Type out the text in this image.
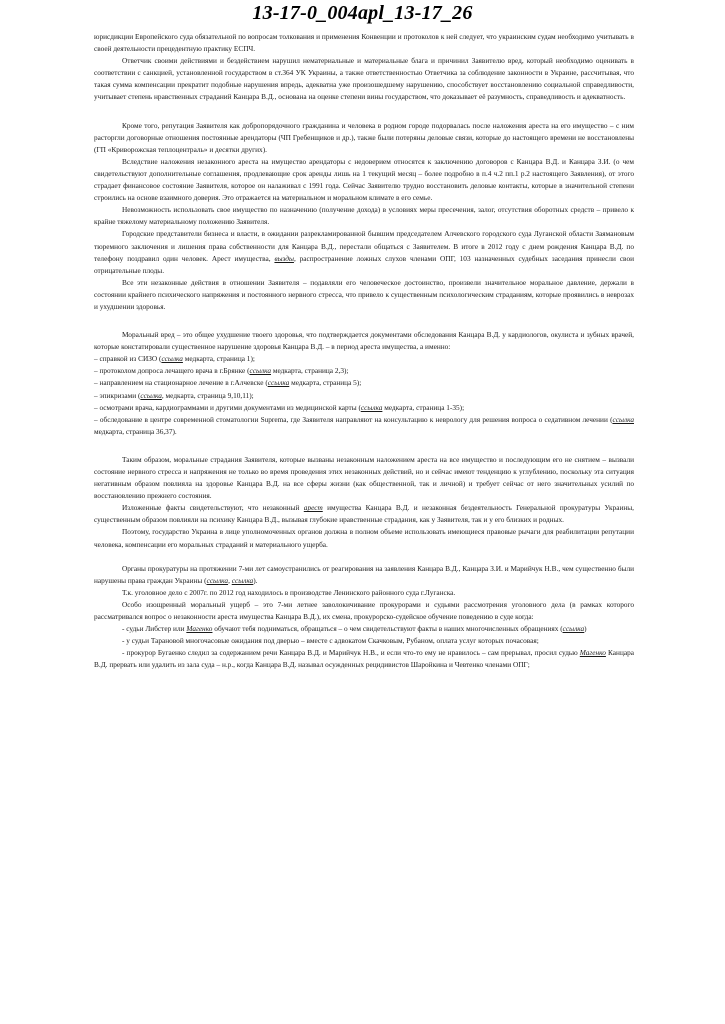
13-17-0_004apl_13-17_26

юрисдикции Европейского суда обязательной по вопросам толкования и применения Конвенции и протоколов к ней следует, что украинским судам необходимо учитывать в своей деятельности прецедентную практику ЕСПЧ.

Ответчик своими действиями и бездействием нарушил нематериальные и материальные блага и причинил Заявителю вред, который необходимо оценивать в соответствии с санкцией, установленной государством в ст.364 УК Украины, а также ответственностью Ответчика за соблюдение законности в Украине, рассчитывая, что такая сумма компенсации прекратит подобные нарушения впредь, адекватна уже произошедшему нарушению, способствует восстановлению социальной справедливости, учитывает степень нравственных страданий Канцара В.Д., основана на оценке степени вины государством, что доказывает её разумность, справедливость и адекватность.

Кроме того, репутация Заявителя как добропорядочного гражданина и человека в родном городе подорвалась после наложения ареста на его имущество – с ним расторгли договорные отношения постоянные арендаторы (ЧП Гребенщиков и др.), также были потеряны деловые связи, которые до настоящего времени не восстановлены (ГП «Криворожская теплоцентраль» и десятки других).

Вследствие наложения незаконного ареста на имущество арендаторы с недоверием относятся к заключению договоров с Канцара В.Д. и Канцара З.И. (о чем свидетельствуют дополнительные соглашения, продлевающие срок аренды лишь на 1 текущий месяц – более подробно в п.4 ч.2 пп.1 р.2 настоящего Заявления), от этого страдает финансовое состояние Заявителя, которое он налаживал с 1991 года. Сейчас Заявителю трудно восстановить деловые контакты, которые в значительной степени строились на основе взаимного доверия. Это отражается на материальном и моральном климате в его семье.

Невозможность использовать свое имущество по назначению (получение дохода) в условиях меры пресечения, залог, отсутствия оборотных средств – привело к крайне тяжелому материальному положению Заявителя.

Городские представители бизнеса и власти, в ожидании разрекламированной бывшим председателем Алчевского городского суда Луганской области Заямановым тюремного заключения и лишения права собственности для Канцара В.Д., перестали общаться с Заявителем. В итоге в 2012 году с днем рождения Канцара В.Д. по телефону поздравил один человек. Арест имущества, вызды, распространение ложных слухов членами ОПГ, 103 назначенных судебных заседания принесли свои отрицательные плоды.

Все эти незаконные действия в отношении Заявителя – подавляли его человеческое достоинство, произвели значительное моральное давление, держали в состоянии крайнего психического напряжения и постоянного нервного стресса, что привело к существенным психологическим страданиям, которые проявились в неврозах и ухудшении здоровья.

Моральный вред – это общее ухудшение твоего здоровья, что подтверждается документами обследования Канцара В.Д. у кардиологов, окулиста и зубных врачей, которые констатировали существенное нарушение здоровья Канцара В.Д. – в период ареста имущества, а именно:

– справкой из СИЗО (ссылка медкарта, страница 1);

– протоколом допроса лечащего врача в г.Брянке (ссылка медкарта, страница 2,3);

– направлением на стационарное лечение в г.Алчевске (ссылка медкарта, страница 5);

– эпикризами (ссылка, медкарта, страница 9,10,11);

– осмотрами врача, кардиограммами и другими документами из медицинской карты (ссылка медкарта, страница 1-35);

– обследование в центре современной стоматологии Suprema, где Заявителя направляют на консультацию к неврологу для решения вопроса о седативном лечении (ссылка медкарта, страница 36,37).

Таким образом, моральные страдания Заявителя, которые вызваны незаконным наложением ареста на все имущество и последующим его не снятием – вызвали состояние нервного стресса и напряжения не только во время проведения этих незаконных действий, но и сейчас имеют тенденцию к углублению, поскольку эта ситуация негативным образом повлияла на здоровье Канцара В.Д. на все сферы жизни (как общественной, так и личной) и требует сейчас от него значительных усилий по восстановлению прежнего состояния.

Изложенные факты свидетельствуют, что незаконный арест имущества Канцара В.Д. и незаконная бездеятельность Генеральной прокуратуры Украины, существенным образом повлияли на психику Канцара В.Д., вызывая глубокие нравственные страдания, как у Заявителя, так и у его близких и родных.

Поэтому, государство Украина в лице уполномоченных органов должна в полном объеме использовать имеющиеся правовые рычаги для реабилитации репутации человека, компенсации его моральных страданий и материального ущерба.

Органы прокуратуры на протяжении 7-ми лет самоустранились от реагирования на заявления Канцара В.Д., Канцара З.И. и Марийчук Н.В., чем существенно были нарушены права граждан Украины (ссылка, ссылка).

Т.к. уголовное дело с 2007г. по 2012 год находилось в производстве Ленинского районного суда г.Луганска.

Особо изощренный моральный ущерб – это 7-ми летнее заволокичивание прокурорами и судьями рассмотрения уголовного дела (в рамках которого рассматривался вопрос о незаконности ареста имущества Канцара В.Д.), их смена, прокурорско-судейское обучение поведению в суде когда:

- судьи Либстер или Магенко обучают тебя подниматься, обращаться – о чем свидетельствуют факты в наших многочисленных обращениях (ссылка)

- у судьи Тарановой многочасовые ожидания под дверью – вместе с адвокатом Скачковым, Рубаном, оплата услуг которых почасовая;

- прокурор Бугаенко следил за содержанием речи Канцара В.Д. и Марийчук Н.В., и если что-то ему не нравилось – сам прерывал, просил судью Магенко Канцара В.Д. прервать или удалить из зала суда – н.р., когда Канцара В.Д. называл осужденных рецидивистов Шаройкина и Чевтенко членами ОПГ;
